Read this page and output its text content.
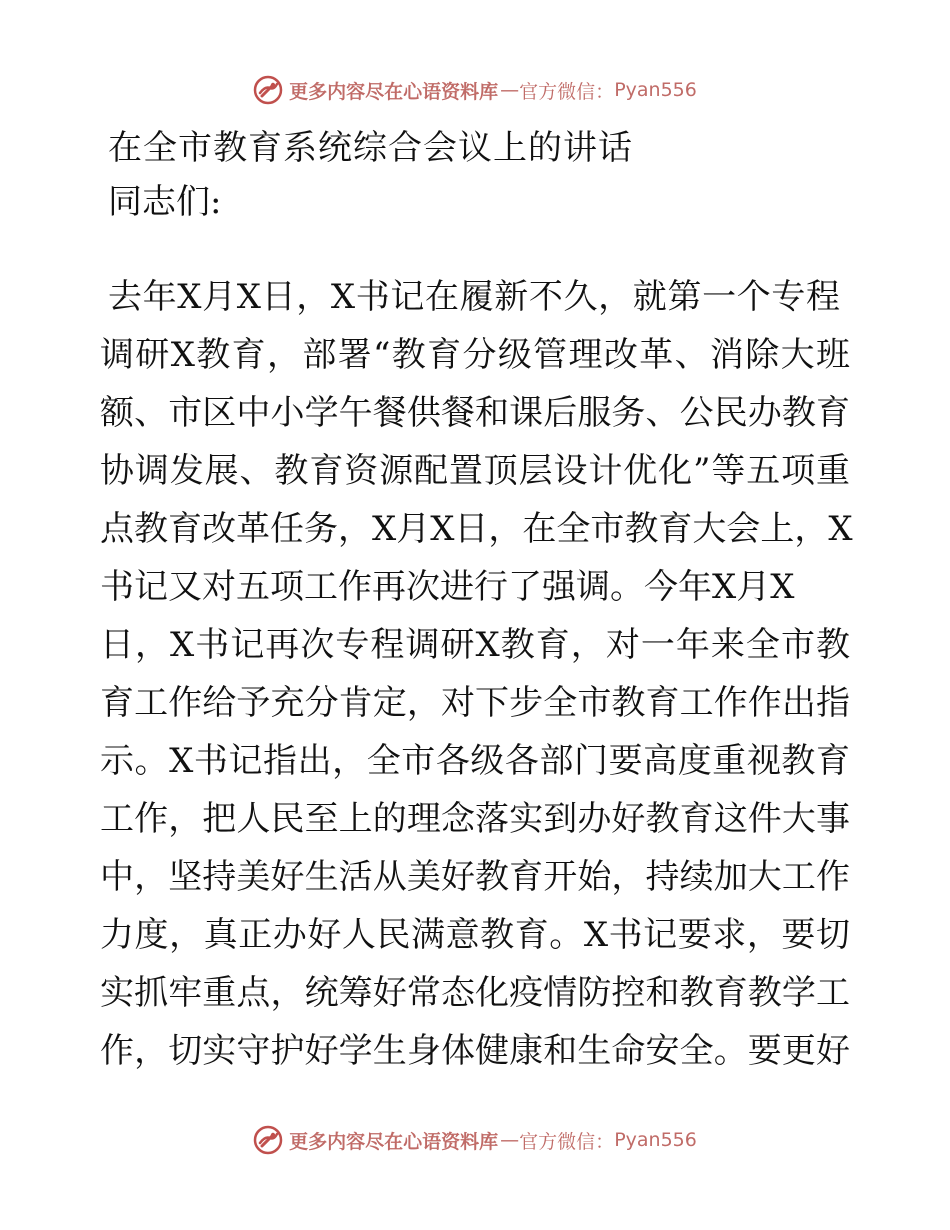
更多内容尽在心语资料库 — 官方微信： Pyan556
在全市教育系统综合会议上的讲话
同志们:
去年X月X日，X书记在履新不久，就第一个专程
调研X教育，部署“教育分级管理改革、消除大班
额、市区中小学午餐供餐和课后服务、公民办教育
协调发展、教育资源配置顶层设计优化”等五项重
点教育改革任务，X月X日，在全市教育大会上，X
书记又对五项工作再次进行了强调。今年X月X
日，X书记再次专程调研X教育，对一年来全市教
育工作给予充分肯定，对下步全市教育工作作出指
示。X书记指出，全市各级各部门要高度重视教育
工作，把人民至上的理念落实到办好教育这件大事
中，坚持美好生活从美好教育开始，持续加大工作
力度，真正办好人民满意教育。X书记要求，要切
实抓牢重点，统筹好常态化疫情防控和教育教学工
作，切实守护好学生身体健康和生命安全。要更好
更多内容尽在心语资料库 — 官方微信： Pyan556
